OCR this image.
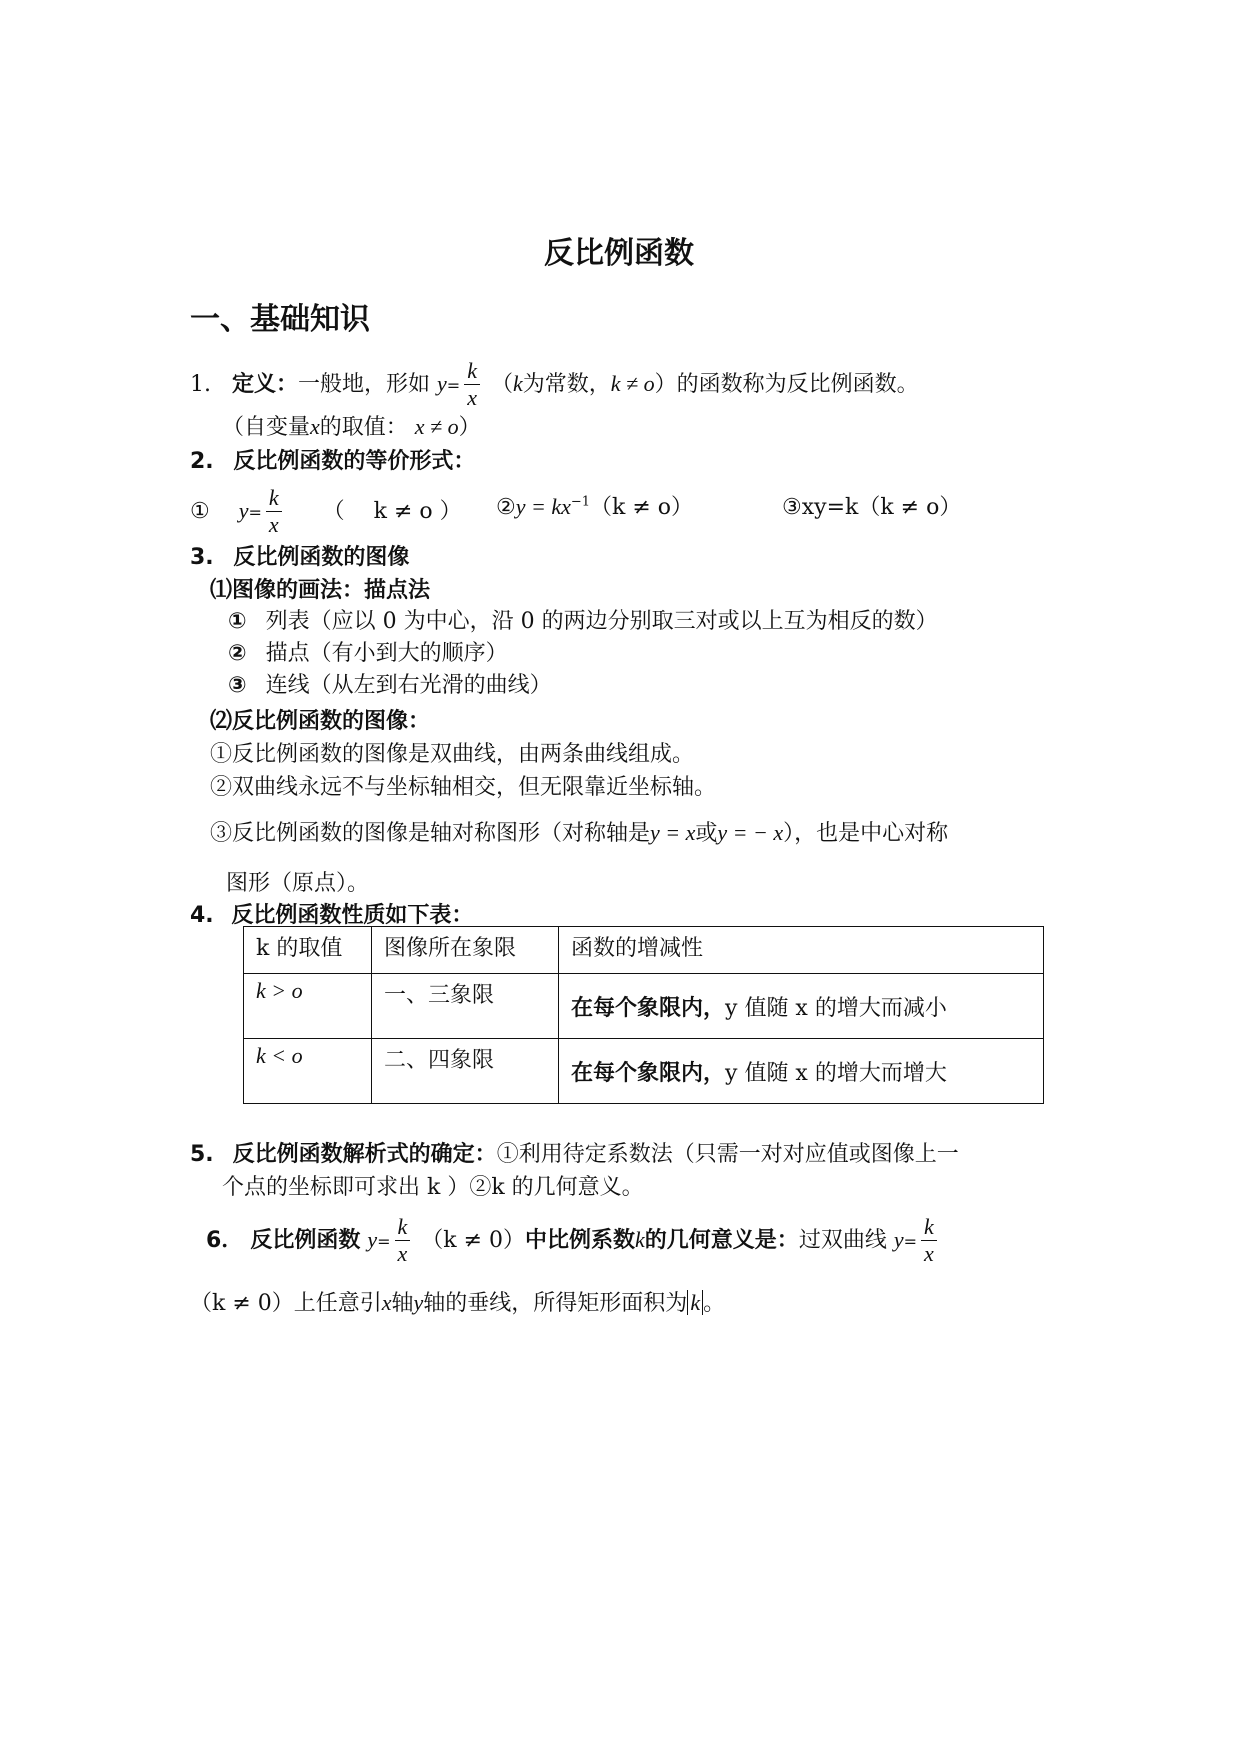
反比例函数
一、基础知识
1. 定义：一般地，形如 $y= \frac{k}{x} (k$为常数，k ≠ o）的函数称为反比例函数。
（自变量x的取值： x ≠ o）
2. 反比例函数的等价形式：
① $y= \frac{k}{x}$ （　 k ≠ o ） ②y = $kx^{-1}(k \ne o)$	③xy=k（k ≠ o）
3. 反比例函数的图像
⑴图像的画法：描点法
① 列表（应以 0 为中心，沿 0 的两边分别取三对或以上互为相反的数）
② 描点（有小到大的顺序）
③ 连线（从左到右光滑的曲线）
⑵反比例函数的图像：
①反比例函数的图像是双曲线，由两条曲线组成。
②双曲线永远不与坐标轴相交，但无限靠近坐标轴。
③反比例函数的图像是轴对称图形（对称轴是y = x或y = − x），也是中心对称
图形（原点）。
4. 反比例函数性质如下表：
k 的取值	图像所在象限	函数的增减性
k > o	一、三象限	在每个象限内，y 值随 x 的增大而减小
k < o	二、四象限	在每个象限内，y 值随 x 的增大而增大
5. 反比例函数解析式的确定：①利用待定系数法（只需一对对应值或图像上一
个点的坐标即可求出 k ）②k 的几何意义。
6． 反比例函数 $y= \frac{k}{x} (k \ne 0)$中比例系数k的几何意义是：过双曲线 $y= \frac{k}{x}$
（k ≠ 0）上任意引x轴y轴的垂线，所得矩形面积为 k 。
